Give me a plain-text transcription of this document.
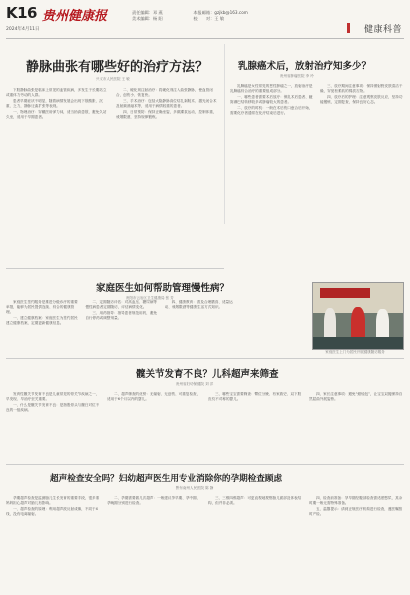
K16 贵州健康报
2024年4月11日
责任编辑：邓 燕	本报邮箱：gzjkb@163.com
美术编辑：杨 阳	校　　对：王 敏
健康科普
静脉曲张有哪些好的治疗方法？
兴义市人民医院 王 敏

下肢静脉曲张是临床上常见的血管疾病，多发生于长期站立或重体力劳动的人群。

患者早期症状不明显，随着病情发展会出现下肢酸胀、沉重、乏力，静脉迂曲扩张等表现。

一、物理治疗：穿戴医用弹力袜，适当抬高患肢，避免久站久坐，适用于早期患者。

二、硬化剂注射治疗：将硬化剂注入曲张静脉，使血管闭合，创伤小、恢复快。

三、手术治疗：包括大隐静脉高位结扎剥脱术、激光闭合术及射频消融术等，适用于病情较重的患者。

四、日常预防：保持正确坐姿，多做踝泵运动，控制体重，戒烟限酒，坚持规律锻炼。

乳腺癌术后，放射治疗知多少？
贵州省肿瘤医院 李 玲

乳腺癌是女性常见的恶性肿瘤之一，放射治疗是乳腺癌综合治疗的重要组成部分。

一、哪些患者需要术后放疗：保乳术后患者、腋窝淋巴结转移较多或肿瘤较大的患者。

二、放疗的时机：一般在术后伤口愈合后开始，需要化疗者通常在化疗结束后进行。

三、放疗期间注意事项：保持照射野皮肤清洁干燥，穿宽松柔软的棉质衣物。

四、放疗后的护理：注意观察皮肤反应，坚持功能锻炼，定期复查，保持良好心态。

家庭医生如何帮助管理慢性病？
贵阳市云岩区卫生健康局 张 芳

家庭医生签约服务是推进分级诊疗的重要举措，能够为居民提供连续、综合的健康管理。

一、建立健康档案：家庭医生为签约居民建立健康档案，定期更新健康信息。

二、定期随访评估：对高血压、糖尿病等慢性病患者定期随访，评估病情变化。

三、用药指导：指导患者规范用药，避免自行停药或调整剂量。

四、健康教育：普及合理膳食、适量运动、戒烟限酒等健康生活方式知识。

家庭医生上门为居民开展健康随访服务
髋关节发育不良？儿科超声来筛查
贵州省妇幼保健院 刘 洋

发育性髋关节发育不良是儿童常见的骨关节疾病之一，早发现、早治疗至关重要。

一、什么是髋关节发育不良：是指股骨头与髋臼对位不良的一组疾病。

二、超声筛查的优势：无辐射、无创伤、可重复检查，适用于6个月以内的婴儿。

三、哪些宝宝需要筛查：臀位分娩、有家族史、双下肢皮纹不对称的婴儿。

四、家长注意事项：避免“蜡烛包”，让宝宝双腿保持自然屈曲外展姿势。

超声检查安全吗？妇幼超声医生用专业消除你的孕期检查顾虑
黔东南州人民医院 陈 静

孕期超声检查是监测胎儿生长发育的重要手段，很多准妈妈担心超声对胎儿有影响。

一、超声检查的原理：利用超声波反射成像，不同于X线，没有电离辐射。

二、孕期需要做几次超声：一般建议孕早期、孕中期、孕晚期分别进行检查。

三、三维四维超声：可更直观地观察胎儿面部及体表结构，但并非必须。

四、检查前准备：孕早期经腹部检查需适度憋尿，其余时期一般无需特殊准备。

五、温馨提示：请到正规医疗机构进行检查，遵医嘱按时产检。
